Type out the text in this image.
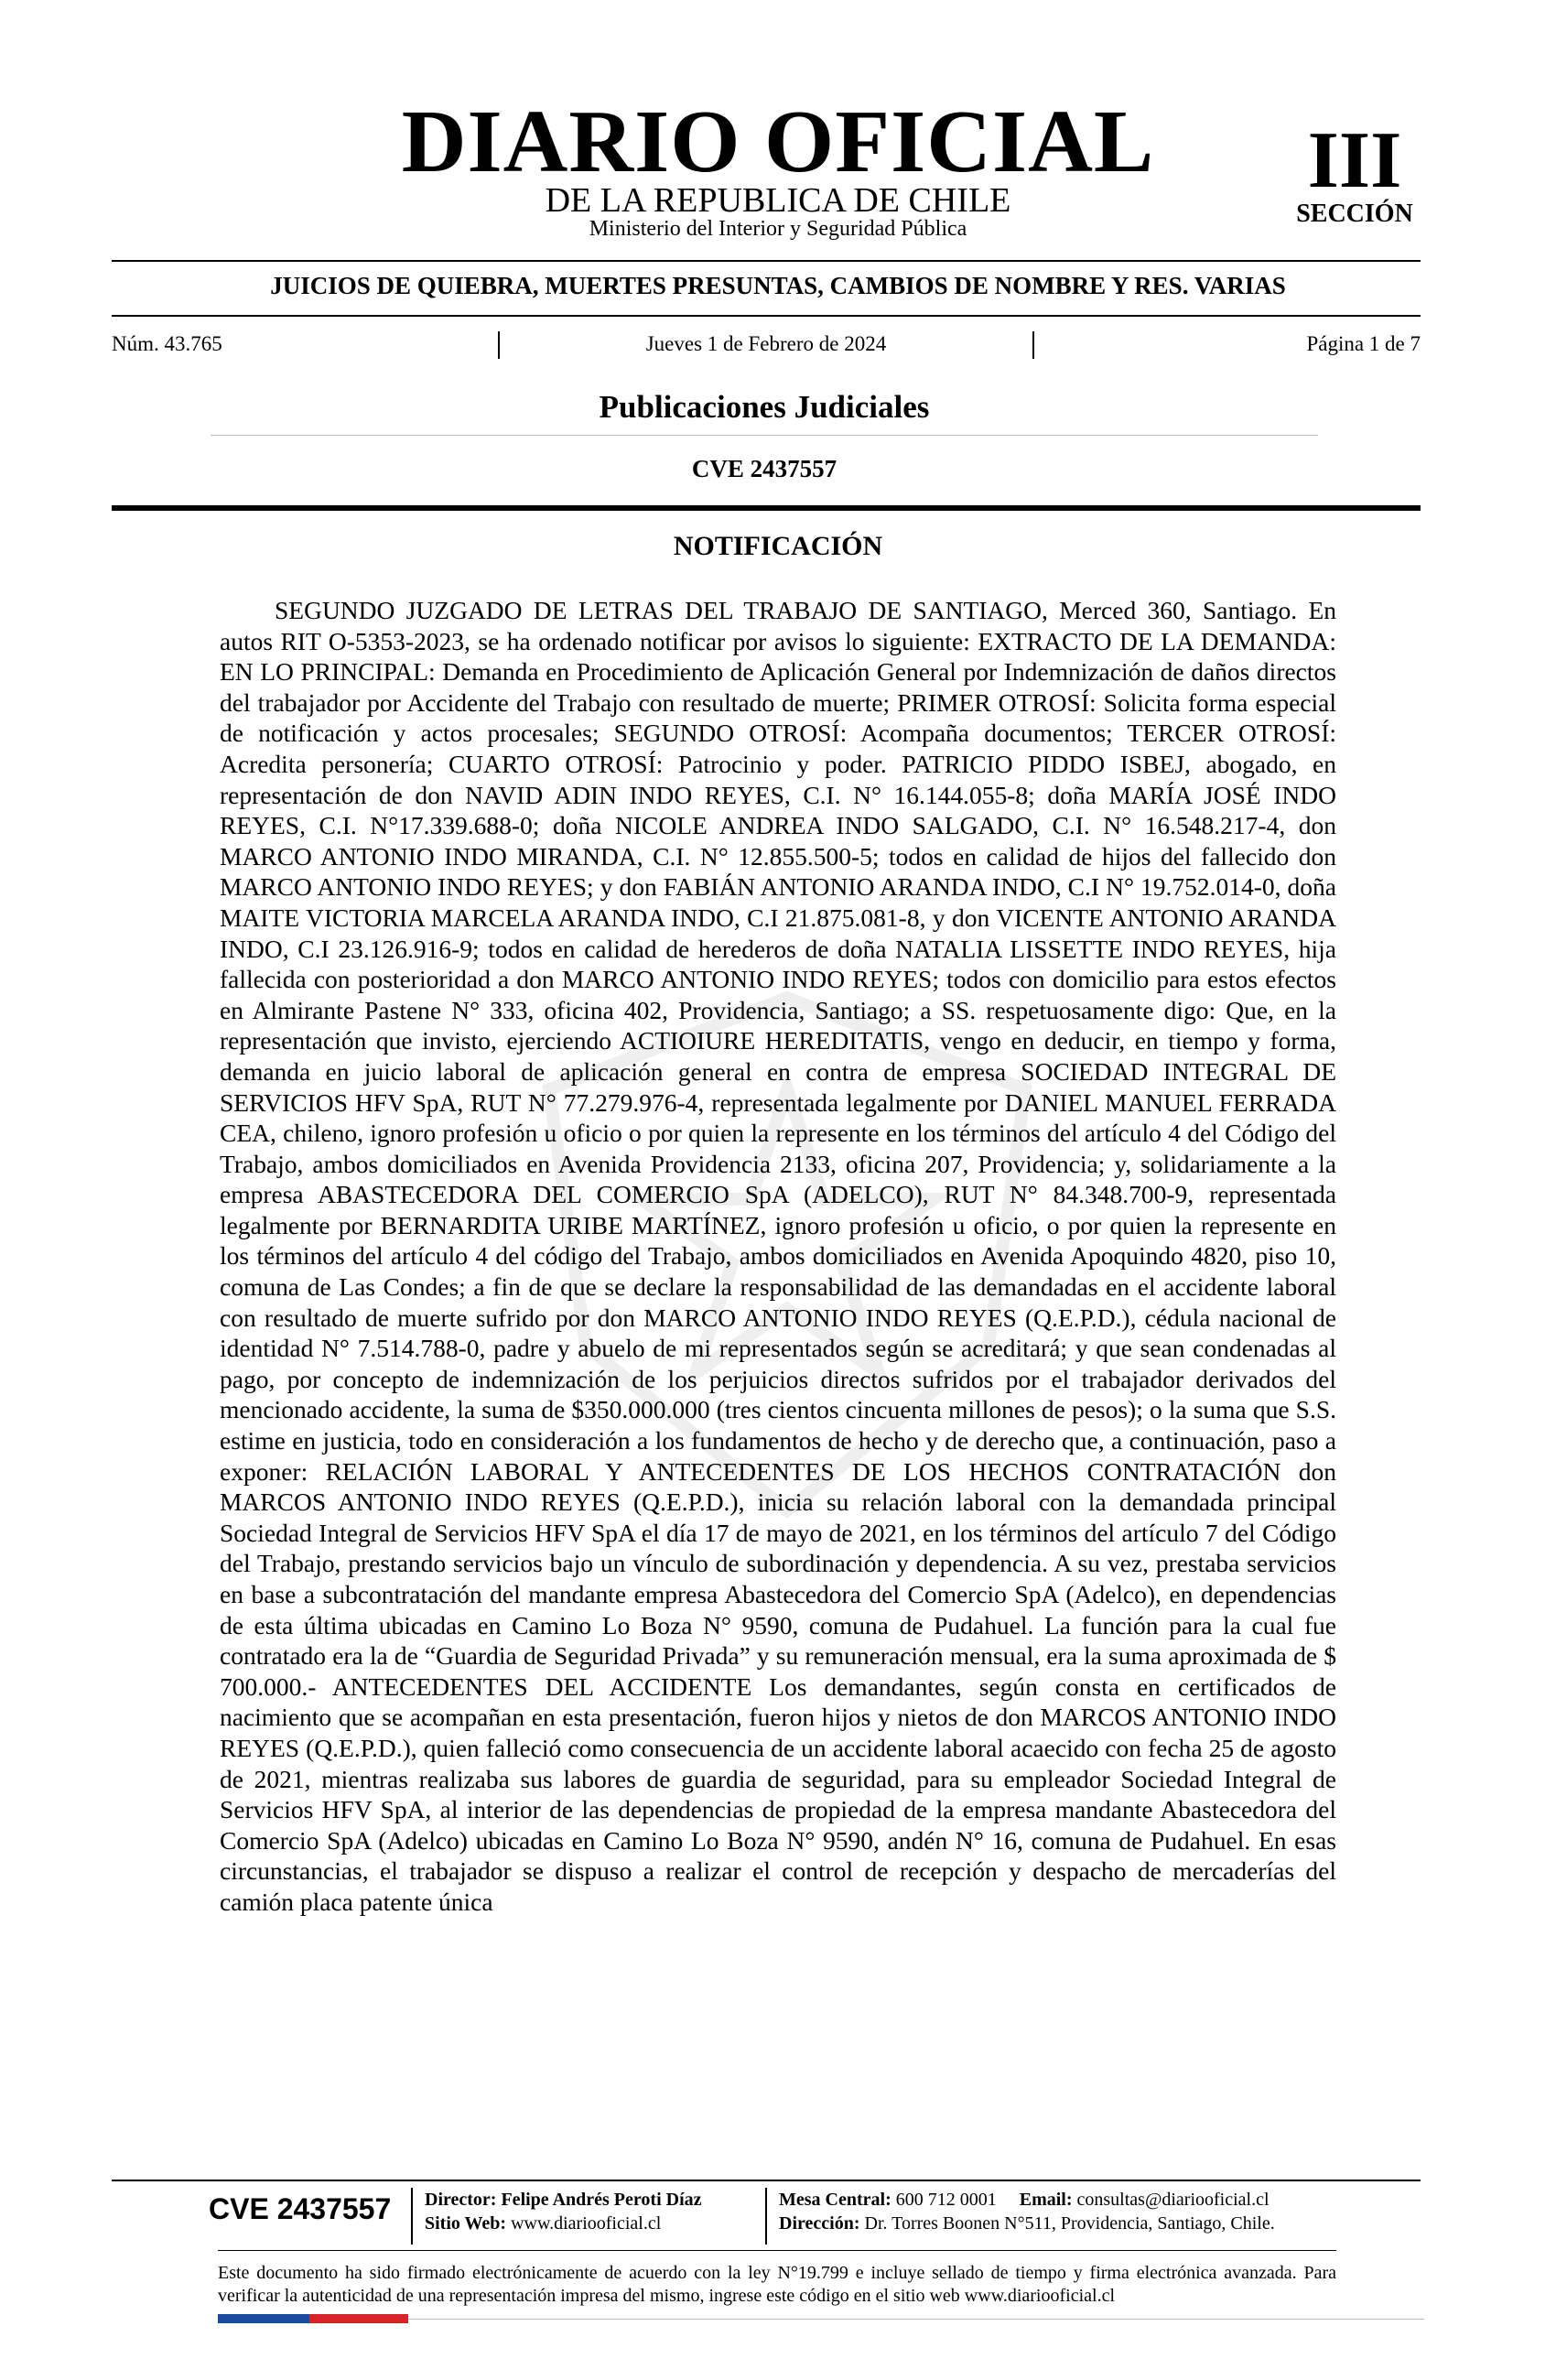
DIARIO OFICIAL
DE LA REPUBLICA DE CHILE
Ministerio del Interior y Seguridad Pública
III
SECCIÓN
JUICIOS DE QUIEBRA, MUERTES PRESUNTAS, CAMBIOS DE NOMBRE Y RES. VARIAS
Núm. 43.765	Jueves 1 de Febrero de 2024	Página 1 de 7
Publicaciones Judiciales
CVE 2437557
NOTIFICACIÓN

SEGUNDO JUZGADO DE LETRAS DEL TRABAJO DE SANTIAGO, Merced 360, Santiago. En autos RIT O-5353-2023, se ha ordenado notificar por avisos lo siguiente: EXTRACTO DE LA DEMANDA: EN LO PRINCIPAL: Demanda en Procedimiento de Aplicación General por Indemnización de daños directos del trabajador por Accidente del Trabajo con resultado de muerte; PRIMER OTROSÍ: Solicita forma especial de notificación y actos procesales; SEGUNDO OTROSÍ: Acompaña documentos; TERCER OTROSÍ: Acredita personería; CUARTO OTROSÍ: Patrocinio y poder. PATRICIO PIDDO ISBEJ, abogado, en representación de don NAVID ADIN INDO REYES, C.I. N° 16.144.055-8; doña MARÍA JOSÉ INDO REYES, C.I. N°17.339.688-0; doña NICOLE ANDREA INDO SALGADO, C.I. N° 16.548.217-4, don MARCO ANTONIO INDO MIRANDA, C.I. N° 12.855.500-5; todos en calidad de hijos del fallecido don MARCO ANTONIO INDO REYES; y don FABIÁN ANTONIO ARANDA INDO, C.I N° 19.752.014-0, doña MAITE VICTORIA MARCELA ARANDA INDO, C.I 21.875.081-8, y don VICENTE ANTONIO ARANDA INDO, C.I 23.126.916-9; todos en calidad de herederos de doña NATALIA LISSETTE INDO REYES, hija fallecida con posterioridad a don MARCO ANTONIO INDO REYES; todos con domicilio para estos efectos en Almirante Pastene N° 333, oficina 402, Providencia, Santiago; a SS. respetuosamente digo: Que, en la representación que invisto, ejerciendo ACTIOIURE HEREDITATIS, vengo en deducir, en tiempo y forma, demanda en juicio laboral de aplicación general en contra de empresa SOCIEDAD INTEGRAL DE SERVICIOS HFV SpA, RUT N° 77.279.976-4, representada legalmente por DANIEL MANUEL FERRADA CEA, chileno, ignoro profesión u oficio o por quien la represente en los términos del artículo 4 del Código del Trabajo, ambos domiciliados en Avenida Providencia 2133, oficina 207, Providencia; y, solidariamente a la empresa ABASTECEDORA DEL COMERCIO SpA (ADELCO), RUT N° 84.348.700-9, representada legalmente por BERNARDITA URIBE MARTÍNEZ, ignoro profesión u oficio, o por quien la represente en los términos del artículo 4 del código del Trabajo, ambos domiciliados en Avenida Apoquindo 4820, piso 10, comuna de Las Condes; a fin de que se declare la responsabilidad de las demandadas en el accidente laboral con resultado de muerte sufrido por don MARCO ANTONIO INDO REYES (Q.E.P.D.), cédula nacional de identidad N° 7.514.788-0, padre y abuelo de mi representados según se acreditará; y que sean condenadas al pago, por concepto de indemnización de los perjuicios directos sufridos por el trabajador derivados del mencionado accidente, la suma de $350.000.000 (tres cientos cincuenta millones de pesos); o la suma que S.S. estime en justicia, todo en consideración a los fundamentos de hecho y de derecho que, a continuación, paso a exponer: RELACIÓN LABORAL Y ANTECEDENTES DE LOS HECHOS CONTRATACIÓN don MARCOS ANTONIO INDO REYES (Q.E.P.D.), inicia su relación laboral con la demandada principal Sociedad Integral de Servicios HFV SpA el día 17 de mayo de 2021, en los términos del artículo 7 del Código del Trabajo, prestando servicios bajo un vínculo de subordinación y dependencia. A su vez, prestaba servicios en base a subcontratación del mandante empresa Abastecedora del Comercio SpA (Adelco), en dependencias de esta última ubicadas en Camino Lo Boza N° 9590, comuna de Pudahuel. La función para la cual fue contratado era la de “Guardia de Seguridad Privada” y su remuneración mensual, era la suma aproximada de $ 700.000.- ANTECEDENTES DEL ACCIDENTE Los demandantes, según consta en certificados de nacimiento que se acompañan en esta presentación, fueron hijos y nietos de don MARCOS ANTONIO INDO REYES (Q.E.P.D.), quien falleció como consecuencia de un accidente laboral acaecido con fecha 25 de agosto de 2021, mientras realizaba sus labores de guardia de seguridad, para su empleador Sociedad Integral de Servicios HFV SpA, al interior de las dependencias de propiedad de la empresa mandante Abastecedora del Comercio SpA (Adelco) ubicadas en Camino Lo Boza N° 9590, andén N° 16, comuna de Pudahuel. En esas circunstancias, el trabajador se dispuso a realizar el control de recepción y despacho de mercaderías del camión placa patente única

CVE 2437557 Director: Felipe Andrés Peroti Díaz
Sitio Web: www.diariooficial.cl
Mesa Central: 600 712 0001 Email: consultas@diariooficial.cl
Dirección: Dr. Torres Boonen N°511, Providencia, Santiago, Chile.
Este documento ha sido firmado electrónicamente de acuerdo con la ley N°19.799 e incluye sellado de tiempo y firma electrónica avanzada. Para verificar la autenticidad de una representación impresa del mismo, ingrese este código en el sitio web www.diariooficial.cl
